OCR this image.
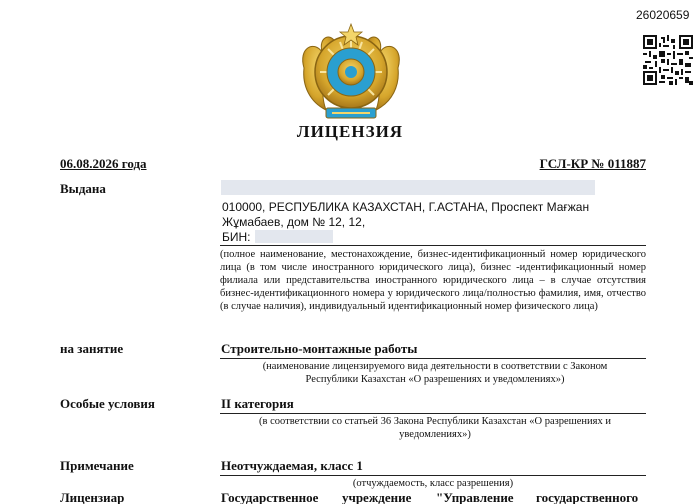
26020659
ЛИЦЕНЗИЯ
06.08.2026 года	ГСЛ-КР № 011887
Выдана
010000, РЕСПУБЛИКА КАЗАХСТАН, Г.АСТАНА, Проспект Мағжан
Жұмабаев, дом № 12, 12,
БИН:
(полное наименование, местонахождение, бизнес-идентификационный номер юридического лица (в том числе иностранного юридического лица), бизнес -идентификационный номер филиала или представительства иностранного юридического лица – в случае отсутствия бизнес-идентификационного номера у юридического лица/полностью фамилия, имя, отчество (в случае наличия), индивидуальный идентификационный номер физического лица)
на занятие	Строительно-монтажные работы
(наименование лицензируемого вида деятельности в соответствии с Законом Республики Казахстан «О разрешениях и уведомлениях»)
Особые условия	II категория
(в соответствии со статьей 36 Закона Республики Казахстан «О разрешениях и уведомлениях»)
Примечание	Неотчуждаемая, класс 1
(отчуждаемость, класс разрешения)
Лицензиар	Государственное учреждение "Управление государственного
